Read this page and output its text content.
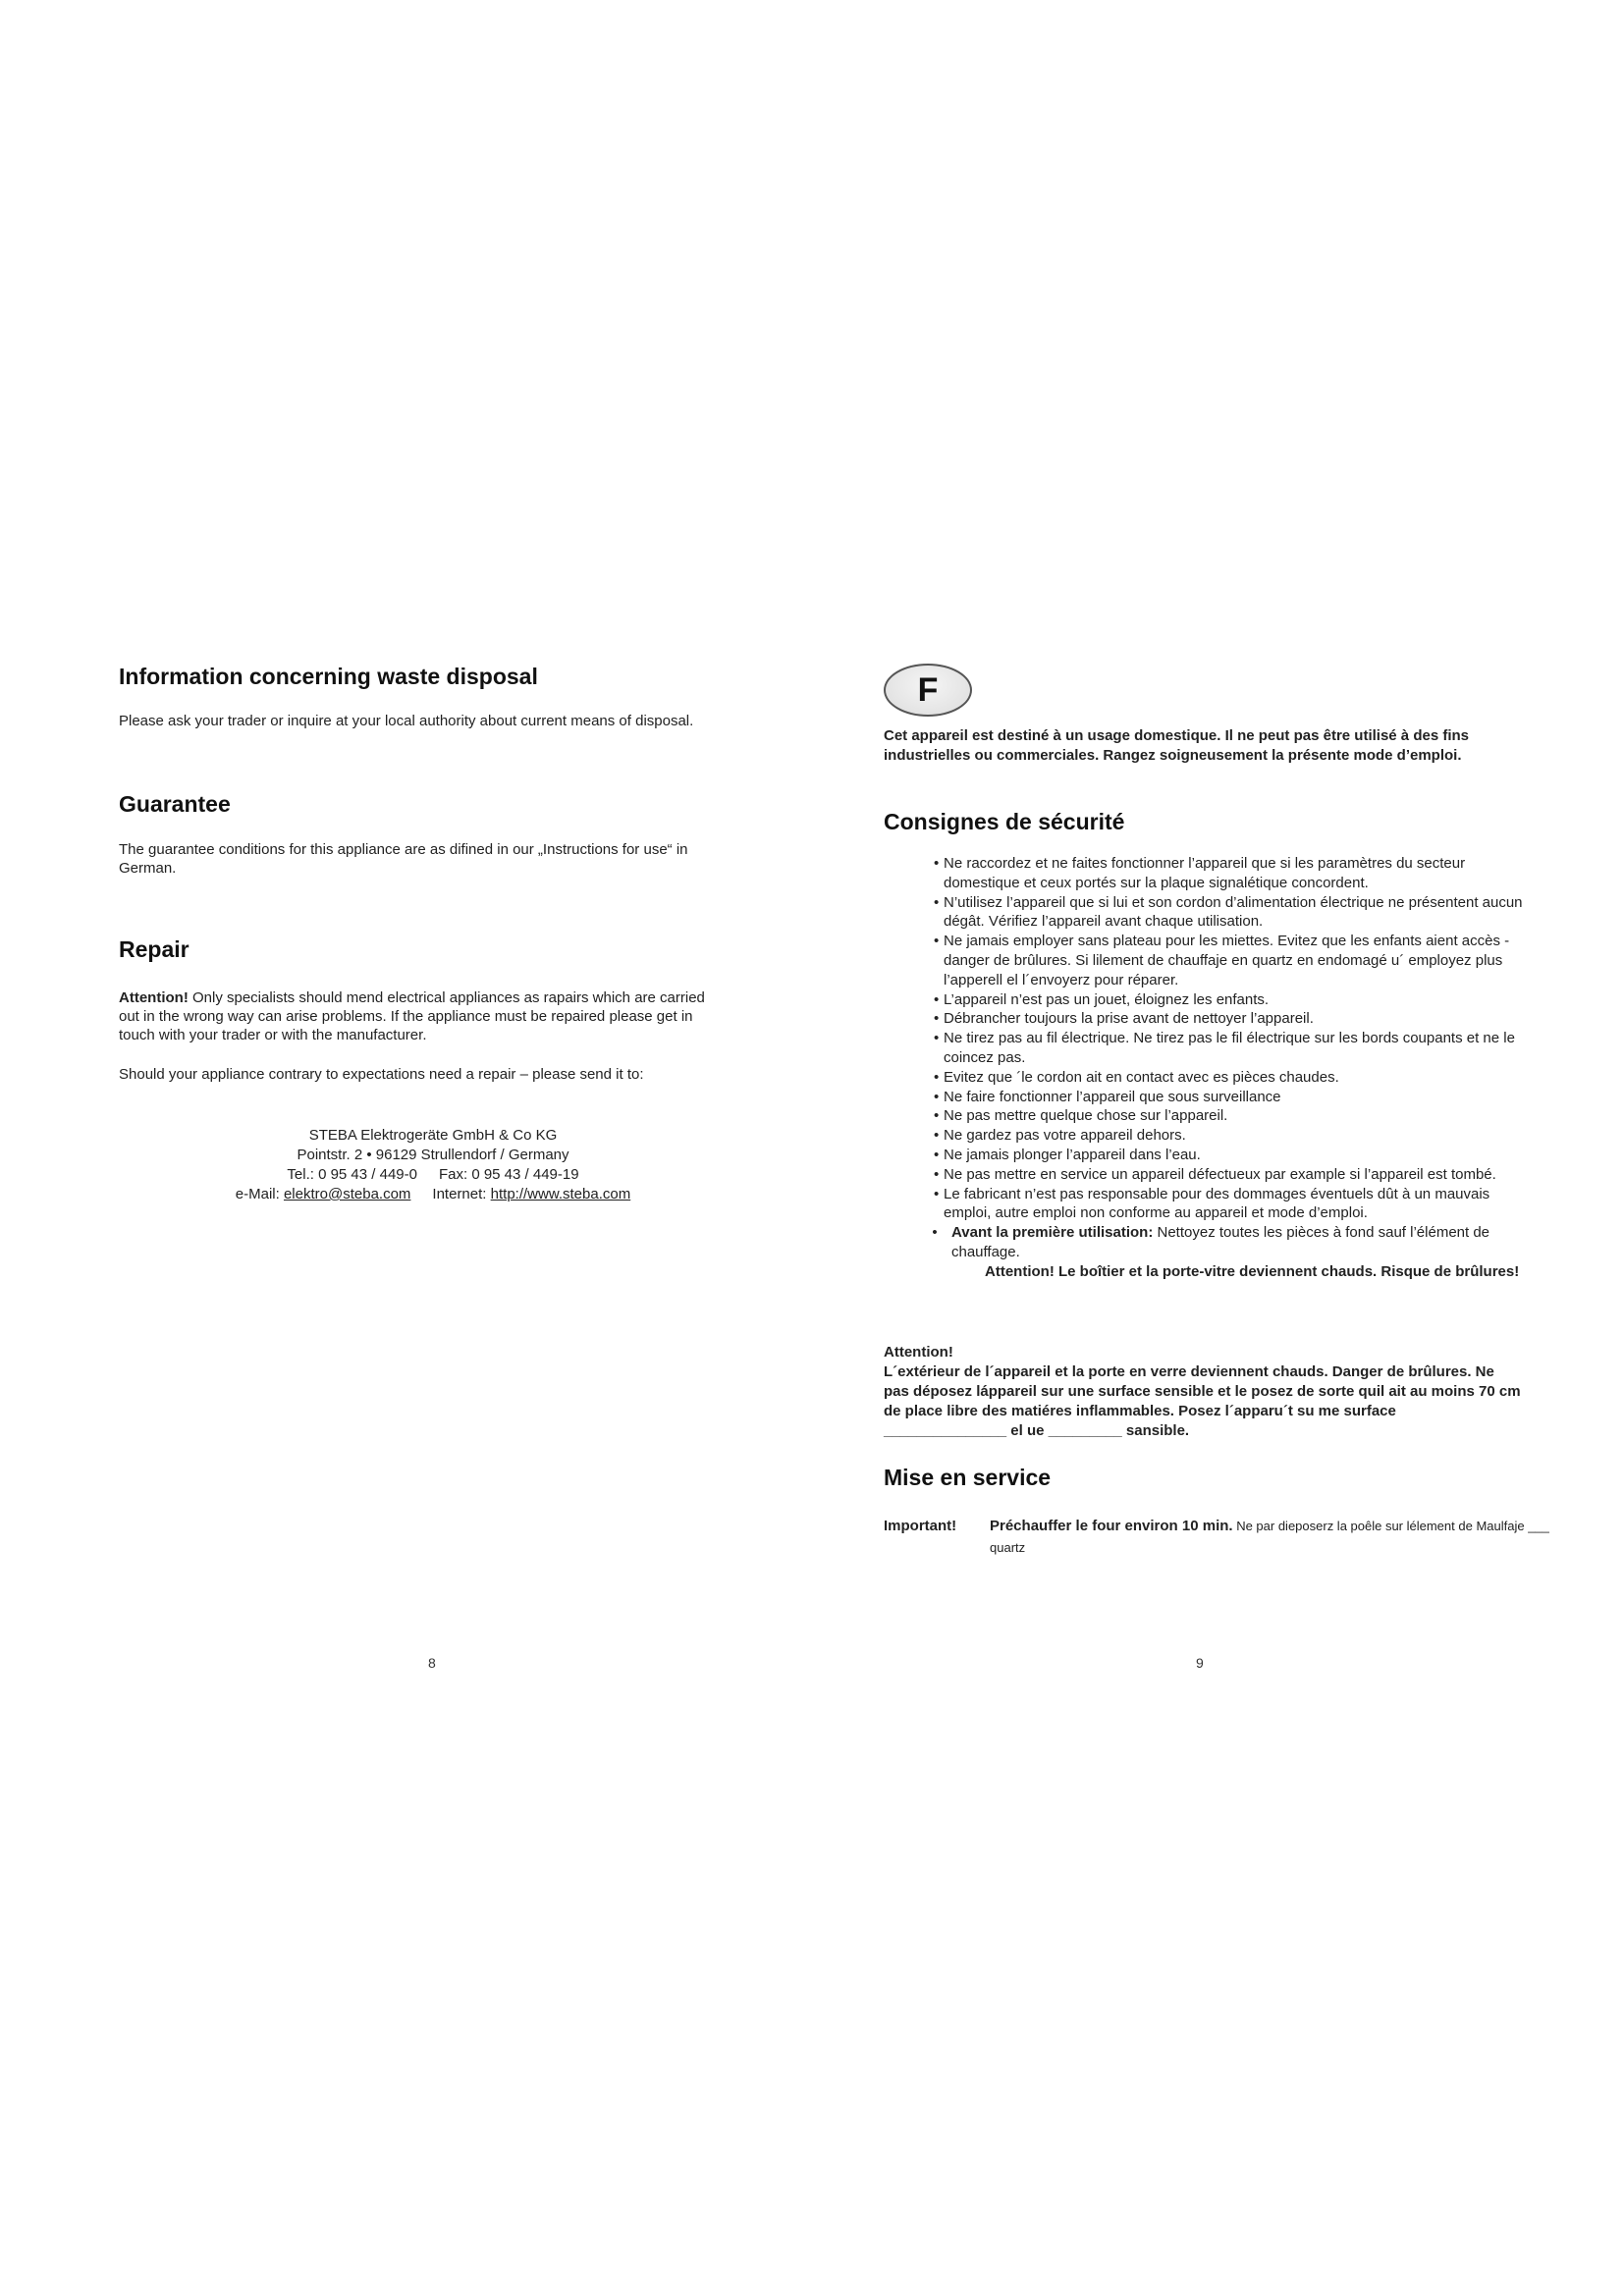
Information concerning waste disposal

Please ask your trader or inquire at your local authority about current means of disposal.

Guarantee

The guarantee conditions for this appliance are as difined in our „Instructions for use“ in German.

Repair

Attention! Only specialists should mend electrical appliances as rapairs which are carried out in the wrong way can arise problems. If the appliance must be repaired please get in touch with your trader or with the manufacturer.

Should your appliance contrary to expectations need a repair – please send it to:

STEBA Elektrogeräte GmbH & Co KG
Pointstr. 2 • 96129 Strullendorf / Germany
Tel.: 0 95 43 / 449-0 Fax: 0 95 43 / 449-19
e-Mail: elektro@steba.com Internet: http://www.steba.com
8
F

Cet appareil est destiné à un usage domestique. Il ne peut pas être utilisé à des fins industrielles ou commerciales. Rangez soigneusement la présente mode d’emploi.

Consignes de sécurité
• Ne raccordez et ne faites fonctionner l’appareil que si les paramètres du secteur domestique et ceux portés sur la plaque signalétique concordent.
• N’utilisez l’appareil que si lui et son cordon d’alimentation électrique ne présentent aucun dégât. Vérifiez l’appareil avant chaque utilisation.
• Ne jamais employer sans plateau pour les miettes. Evitez que les enfants aient accès - danger de brûlures. Si lilement de chauffaje en quartz en endomagé u´ employez plus l’apperell el l´envoyerz pour réparer.
• L’appareil n’est pas un jouet, éloignez les enfants.
• Débrancher toujours la prise avant de nettoyer l’appareil.
• Ne tirez pas au fil électrique. Ne tirez pas le fil électrique sur les bords coupants et ne le coincez pas.
• Evitez que ´le cordon ait en contact avec es pièces chaudes.
• Ne faire fonctionner l’appareil que sous surveillance
• Ne pas mettre quelque chose sur l’appareil.
• Ne gardez pas votre appareil dehors.
• Ne jamais plonger l’appareil dans l’eau.
• Ne pas mettre en service un appareil défectueux par example si l’appareil est tombé.
• Le fabricant n’est pas responsable pour des dommages éventuels dût à un mauvais emploi, autre emploi non conforme au appareil et mode d’emploi.
• Avant la première utilisation: Nettoyez toutes les pièces à fond sauf l’élément de chauffage.
Attention! Le boîtier et la porte-vitre deviennent chauds. Risque de brûlures!

Attention!
L´extérieur de l´appareil et la porte en verre deviennent chauds. Danger de brûlures. Ne pas déposez láppareil sur une surface sensible et le posez de sorte quil ait au moins 70 cm de place libre des matiéres inflammables. Posez l´apparu´t su me surface _______________ el ue _________ sansible.

Mise en service
Important! Préchauffer le four environ 10 min. Ne par dieposerz la poêle sur lélement de Maulfaje ___ quartz
9
